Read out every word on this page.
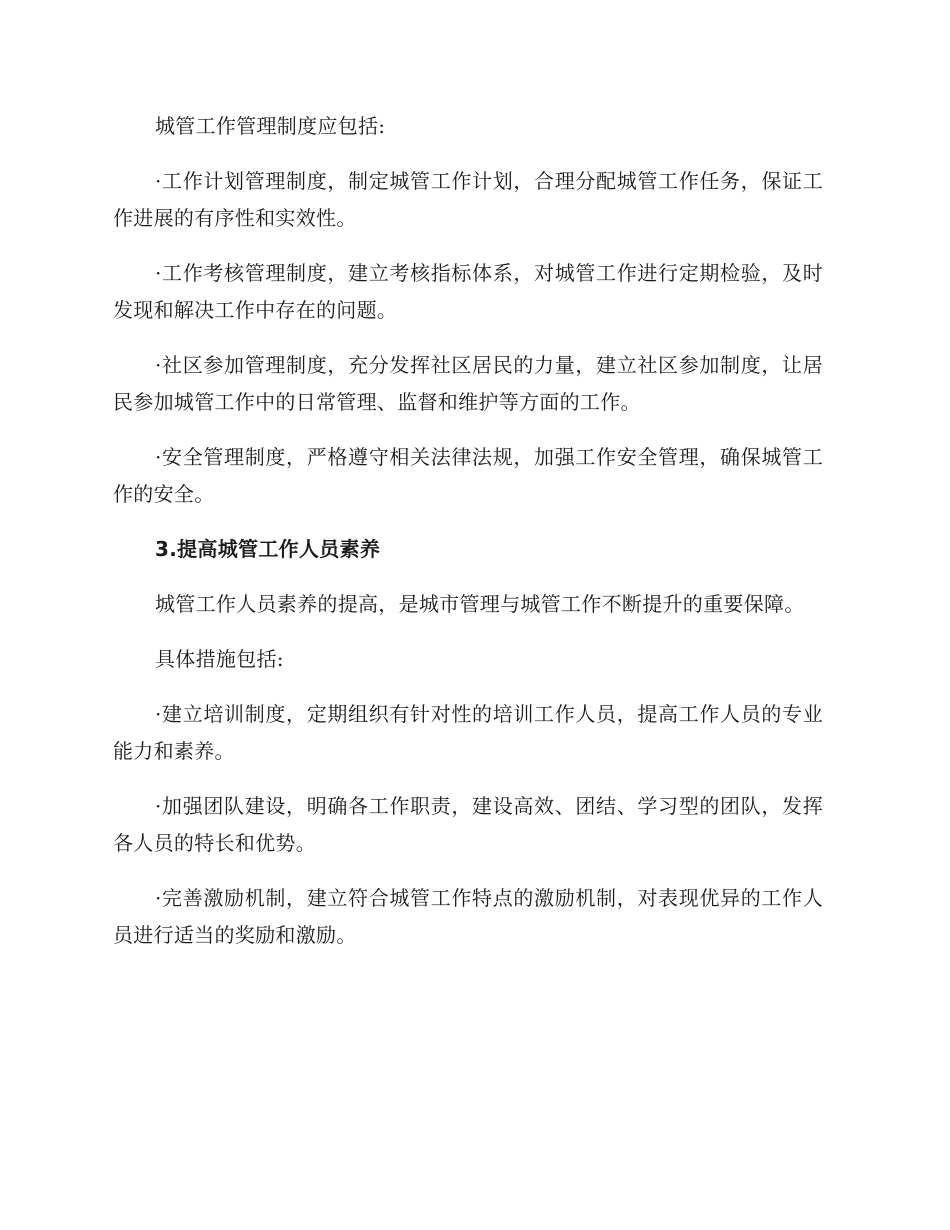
城管工作管理制度应包括:

·工作计划管理制度，制定城管工作计划，合理分配城管工作任务，保证工作进展的有序性和实效性。

·工作考核管理制度，建立考核指标体系，对城管工作进行定期检验，及时发现和解决工作中存在的问题。

·社区参加管理制度，充分发挥社区居民的力量，建立社区参加制度，让居民参加城管工作中的日常管理、监督和维护等方面的工作。

·安全管理制度，严格遵守相关法律法规，加强工作安全管理，确保城管工作的安全。

3.提高城管工作人员素养

城管工作人员素养的提高，是城市管理与城管工作不断提升的重要保障。

具体措施包括:

·建立培训制度，定期组织有针对性的培训工作人员，提高工作人员的专业能力和素养。

·加强团队建设，明确各工作职责，建设高效、团结、学习型的团队，发挥各人员的特长和优势。

·完善激励机制，建立符合城管工作特点的激励机制，对表现优异的工作人员进行适当的奖励和激励。
